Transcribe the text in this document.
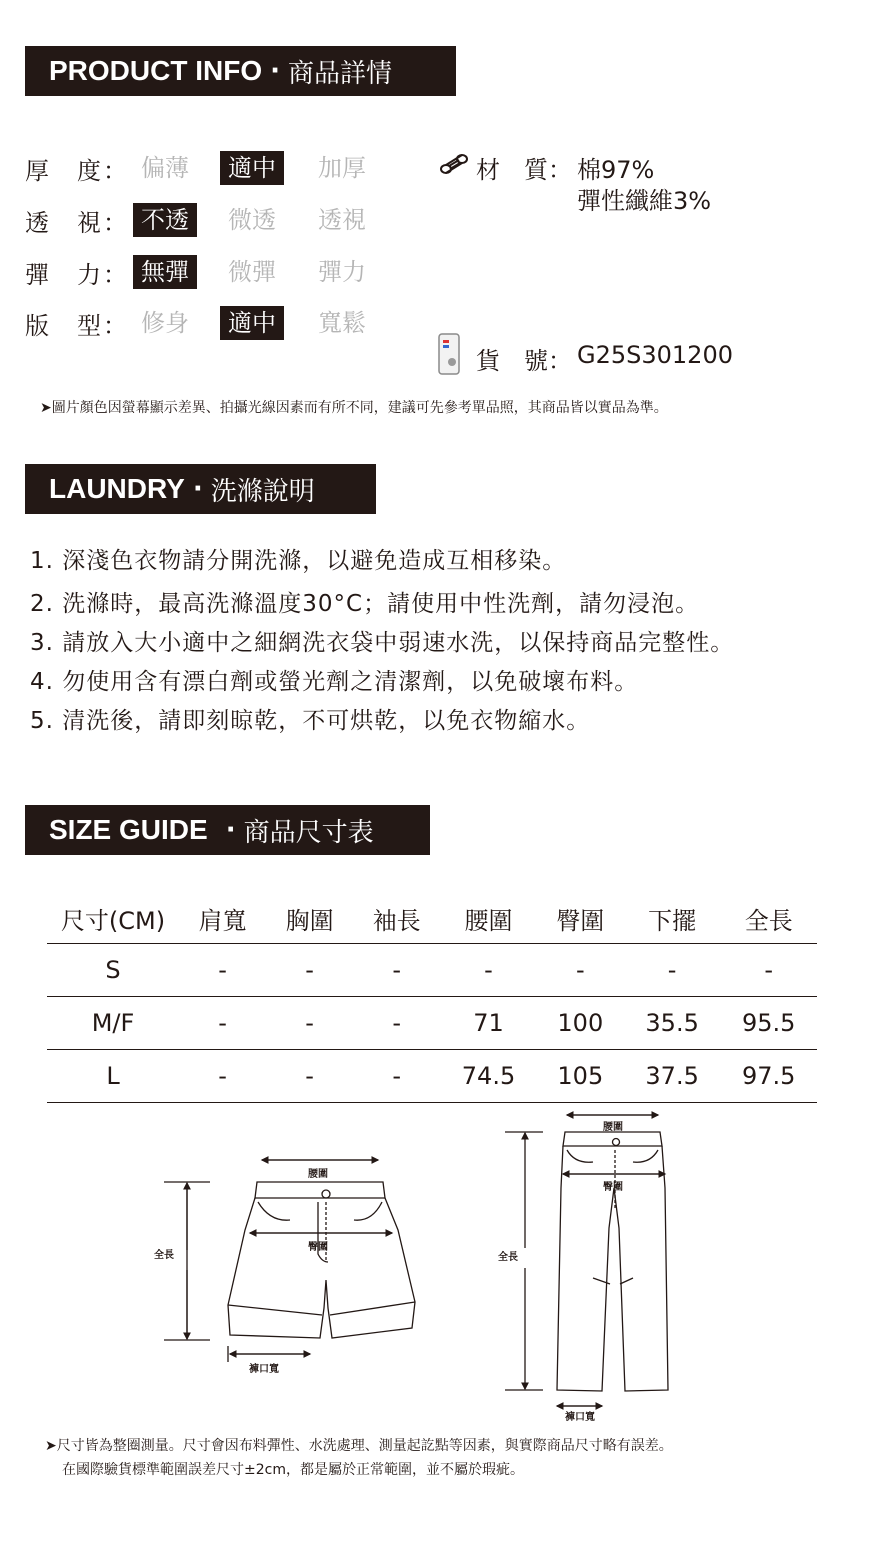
PRODUCT INFO · 商品詳情
厚　度： 偏薄	適中	加厚
透　視： 不透	微透	透視
彈　力： 無彈	微彈	彈力
版　型： 修身	適中	寬鬆
材　質： 棉97%
彈性纖維3%
貨　號： G25S301200
➤圖片顏色因螢幕顯示差異、拍攝光線因素而有所不同，建議可先參考單品照，其商品皆以實品為準。
LAUNDRY · 洗滌說明
1. 深淺色衣物請分開洗滌，以避免造成互相移染。
2. 洗滌時，最高洗滌溫度30°C；請使用中性洗劑，請勿浸泡。
3. 請放入大小適中之細網洗衣袋中弱速水洗，以保持商品完整性。
4. 勿使用含有漂白劑或螢光劑之清潔劑，以免破壞布料。
5. 清洗後，請即刻晾乾，不可烘乾，以免衣物縮水。
SIZE GUIDE · 商品尺寸表
尺寸(CM)	肩寬	胸圍	袖長	腰圍	臀圍	下擺	全長
S	-	-	-	-	-	-	-
M/F	-	-	-	71	100	35.5	95.5
L	-	-	-	74.5	105	37.5	97.5
腰圍
臀圍
全長
褲口寬
腰圍
臀圍
全長
褲口寬
➤尺寸皆為整圈測量。尺寸會因布料彈性、水洗處理、測量起訖點等因素，與實際商品尺寸略有誤差。
在國際驗貨標準範圍誤差尺寸±2cm，都是屬於正常範圍，並不屬於瑕疵。
